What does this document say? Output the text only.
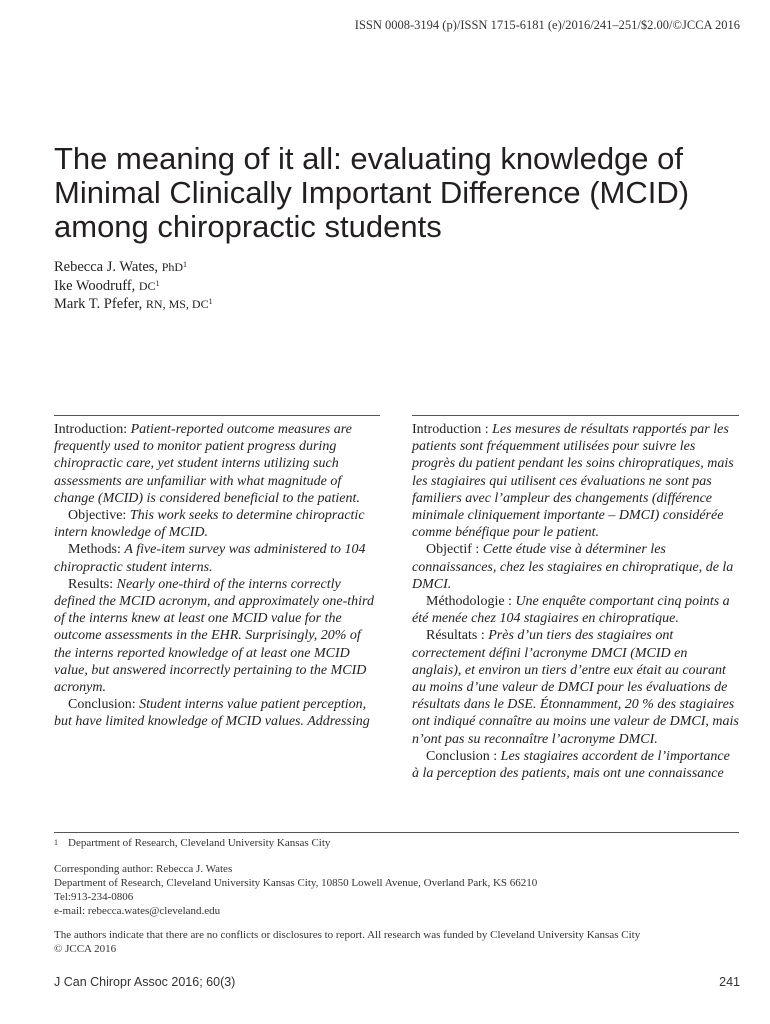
ISSN 0008-3194 (p)/ISSN 1715-6181 (e)/2016/241–251/$2.00/©JCCA 2016
The meaning of it all: evaluating knowledge of Minimal Clinically Important Difference (MCID) among chiropractic students
Rebecca J. Wates, PhD$^1$
Ike Woodruff, $DC^1$
Mark T. Pfefer, RN, MS, $DC^1$

Introduction: Patient-reported outcome measures are frequently used to monitor patient progress during chiropractic care, yet student interns utilizing such assessments are unfamiliar with what magnitude of change (MCID) is considered beneficial to the patient.

Objective: This work seeks to determine chiropractic intern knowledge of MCID.

Methods: A five-item survey was administered to 104 chiropractic student interns.

Results: Nearly one-third of the interns correctly defined the MCID acronym, and approximately one-third of the interns knew at least one MCID value for the outcome assessments in the EHR. Surprisingly, 20% of the interns reported knowledge of at least one MCID value, but answered incorrectly pertaining to the MCID acronym.

Conclusion: Student interns value patient perception, but have limited knowledge of MCID values. Addressing

Introduction : Les mesures de résultats rapportés par les patients sont fréquemment utilisées pour suivre les progrès du patient pendant les soins chiropratiques, mais les stagiaires qui utilisent ces évaluations ne sont pas familiers avec l’ampleur des changements (différence minimale cliniquement importante – DMCI) considérée comme bénéfique pour le patient.

Objectif : Cette étude vise à déterminer les connaissances, chez les stagiaires en chiropratique, de la DMCI.

Méthodologie : Une enquête comportant cinq points a été menée chez 104 stagiaires en chiropratique.

Résultats : Près d’un tiers des stagiaires ont correctement défini l’acronyme DMCI (MCID en anglais), et environ un tiers d’entre eux était au courant au moins d’une valeur de DMCI pour les évaluations de résultats dans le DSE. Étonnamment, 20 % des stagiaires ont indiqué connaître au moins une valeur de DMCI, mais n’ont pas su reconnaître l’acronyme DMCI.

Conclusion : Les stagiaires accordent de l’importance à la perception des patients, mais ont une connaissance

1 Department of Research, Cleveland University Kansas City
Corresponding author: Rebecca J. Wates
Department of Research, Cleveland University Kansas City, 10850 Lowell Avenue, Overland Park, KS 66210
Tel:913-234-0806
e-mail: rebecca.wates@cleveland.edu
The authors indicate that there are no conflicts or disclosures to report. All research was funded by Cleveland University Kansas City
© JCCA 2016
J Can Chiropr Assoc 2016; 60(3)	241
